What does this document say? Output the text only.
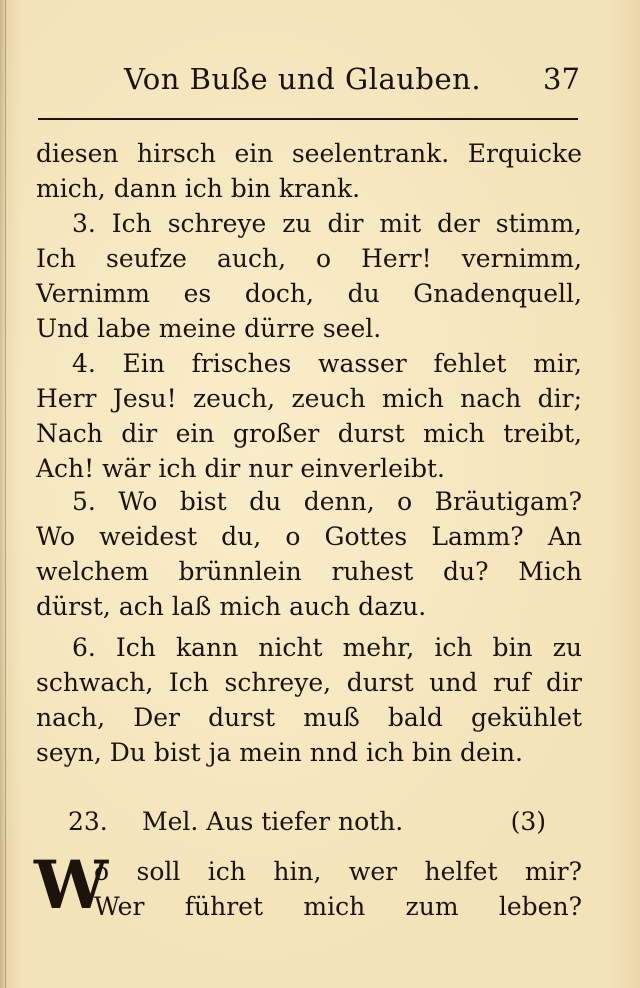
Von Buße und Glauben. 37
diesen hirsch ein seelentrank. Erquicke
mich, dann ich bin krank.
3. Ich schreye zu dir mit der stimm,
Ich seufze auch, o Herr! vernimm,
Vernimm es doch, du Gnadenquell,
Und labe meine dürre seel.
4. Ein frisches wasser fehlet mir,
Herr Jesu! zeuch, zeuch mich nach dir;
Nach dir ein großer durst mich treibt,
Ach! wär ich dir nur einverleibt.
5. Wo bist du denn, o Bräutigam?
Wo weidest du, o Gottes Lamm? An
welchem brünnlein ruhest du? Mich
dürst, ach laß mich auch dazu.
6. Ich kann nicht mehr, ich bin zu
schwach, Ich schreye, durst und ruf dir
nach, Der durst muß bald gekühlet
seyn, Du bist ja mein nnd ich bin dein.
23. Mel. Aus tiefer noth.	(3)
W
o soll ich hin, wer helfet mir?
Wer führet mich zum leben?
